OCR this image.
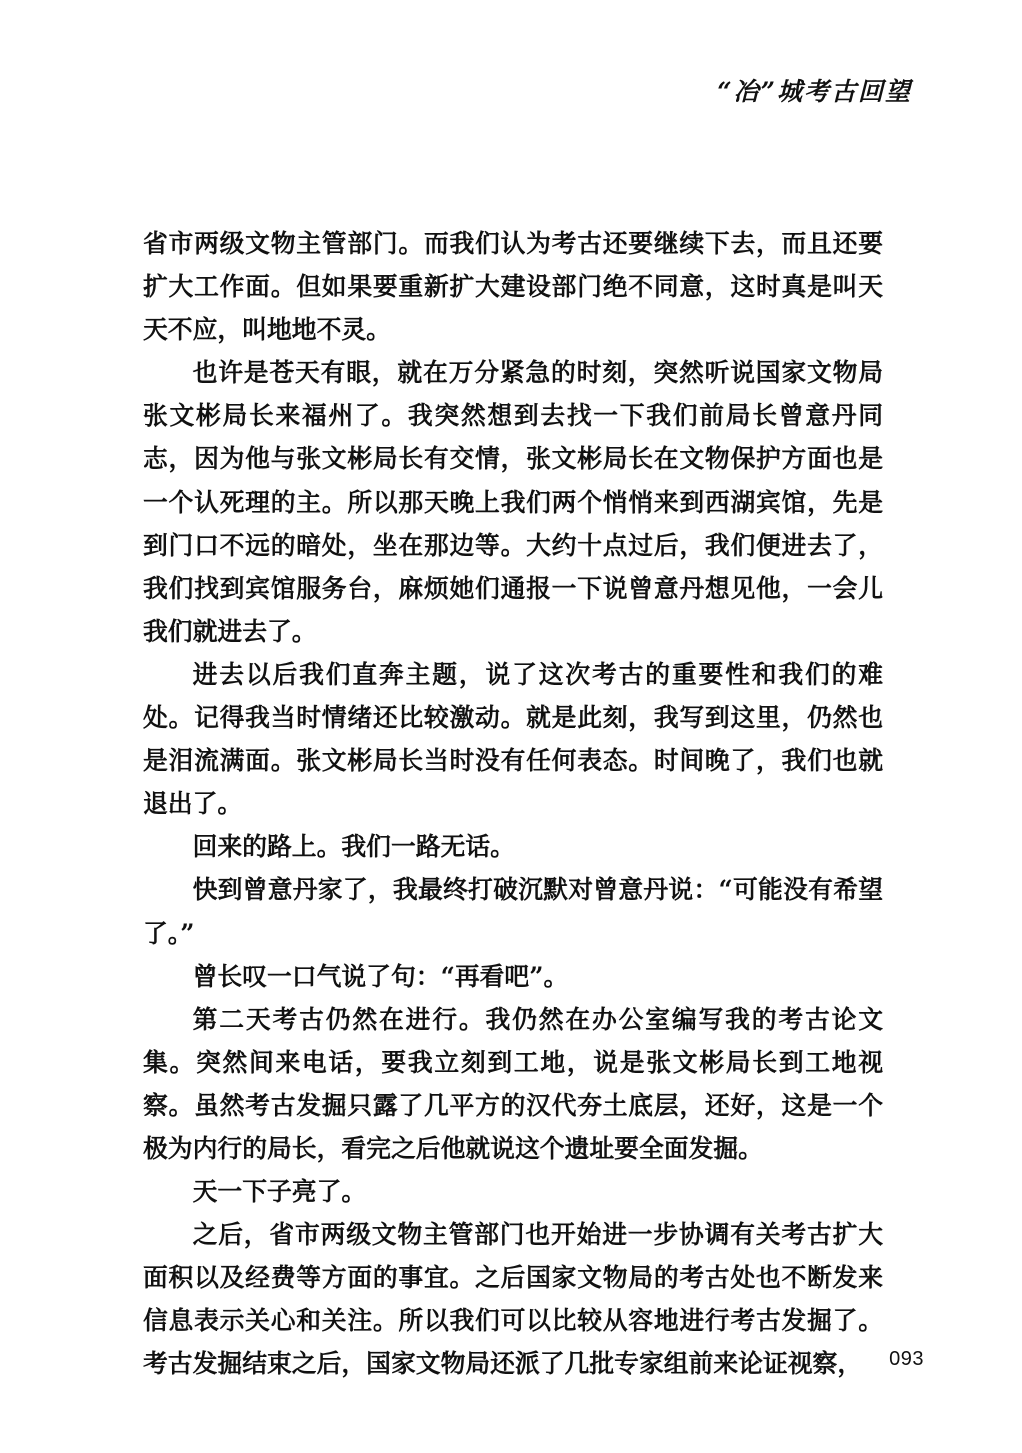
“冶”城考古回望

省市两级文物主管部门。而我们认为考古还要继续下去，而且还要扩大工作面。但如果要重新扩大建设部门绝不同意，这时真是叫天天不应，叫地地不灵。

也许是苍天有眼，就在万分紧急的时刻，突然听说国家文物局张文彬局长来福州了。我突然想到去找一下我们前局长曾意丹同志，因为他与张文彬局长有交情，张文彬局长在文物保护方面也是一个认死理的主。所以那天晚上我们两个悄悄来到西湖宾馆，先是到门口不远的暗处，坐在那边等。大约十点过后，我们便进去了，我们找到宾馆服务台，麻烦她们通报一下说曾意丹想见他，一会儿我们就进去了。

进去以后我们直奔主题，说了这次考古的重要性和我们的难处。记得我当时情绪还比较激动。就是此刻，我写到这里，仍然也是泪流满面。张文彬局长当时没有任何表态。时间晚了，我们也就退出了。

回来的路上。我们一路无话。

快到曾意丹家了，我最终打破沉默对曾意丹说：“可能没有希望了。”

曾长叹一口气说了句：“再看吧”。

第二天考古仍然在进行。我仍然在办公室编写我的考古论文集。突然间来电话，要我立刻到工地，说是张文彬局长到工地视察。虽然考古发掘只露了几平方的汉代夯土底层，还好，这是一个极为内行的局长，看完之后他就说这个遗址要全面发掘。

天一下子亮了。

之后，省市两级文物主管部门也开始进一步协调有关考古扩大面积以及经费等方面的事宜。之后国家文物局的考古处也不断发来信息表示关心和关注。所以我们可以比较从容地进行考古发掘了。考古发掘结束之后，国家文物局还派了几批专家组前来论证视察，	093
